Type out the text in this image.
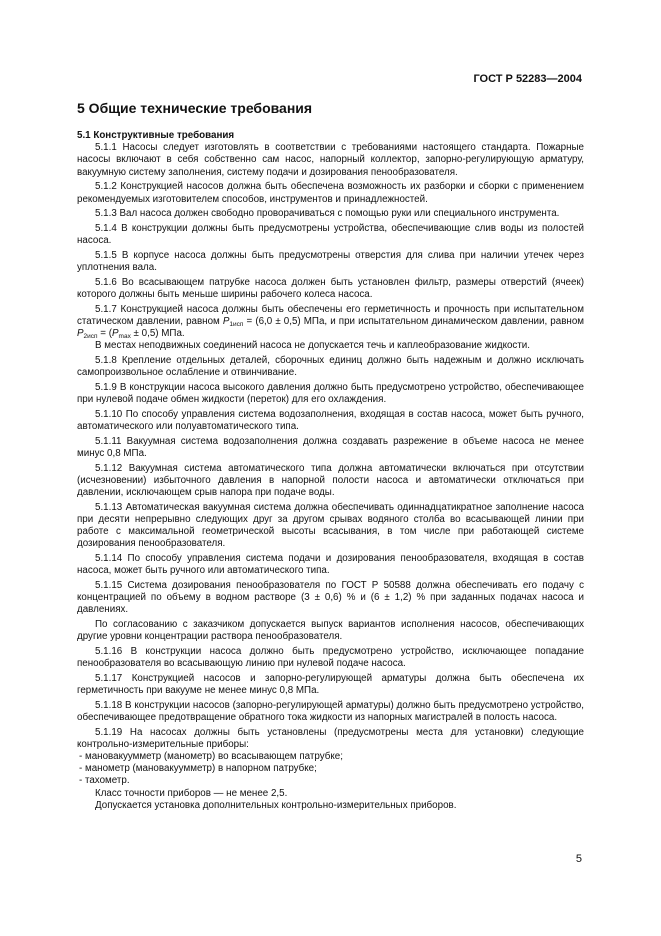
ГОСТ Р 52283—2004
5 Общие технические требования
5.1 Конструктивные требования

5.1.1 Насосы следует изготовлять в соответствии с требованиями настоящего стандарта. Пожарные насосы включают в себя собственно сам насос, напорный коллектор, запорно-регулирующую арматуру, вакуумную систему заполнения, систему подачи и дозирования пенообразователя.

5.1.2 Конструкцией насосов должна быть обеспечена возможность их разборки и сборки с применением рекомендуемых изготовителем способов, инструментов и принадлежностей.

5.1.3 Вал насоса должен свободно проворачиваться с помощью руки или специального инструмента.

5.1.4 В конструкции должны быть предусмотрены устройства, обеспечивающие слив воды из полостей насоса.

5.1.5 В корпусе насоса должны быть предусмотрены отверстия для слива при наличии утечек через уплотнения вала.

5.1.6 Во всасывающем патрубке насоса должен быть установлен фильтр, размеры отверстий (ячеек) которого должны быть меньше ширины рабочего колеса насоса.

5.1.7 Конструкцией насоса должны быть обеспечены его герметичность и прочность при испытательном статическом давлении, равном $P_{1исп} = (6,0 \pm 0,5)$ МПа, и при испытательном динамическом давлении, равном $P_{2исп} = (P_{max} \pm 0,5)$ МПа.

В местах неподвижных соединений насоса не допускается течь и каплеобразование жидкости.

5.1.8 Крепление отдельных деталей, сборочных единиц должно быть надежным и должно исключать самопроизвольное ослабление и отвинчивание.

5.1.9 В конструкции насоса высокого давления должно быть предусмотрено устройство, обеспечивающее при нулевой подаче обмен жидкости (переток) для его охлаждения.

5.1.10 По способу управления система водозаполнения, входящая в состав насоса, может быть ручного, автоматического или полуавтоматического типа.

5.1.11 Вакуумная система водозаполнения должна создавать разрежение в объеме насоса не менее минус 0,8 МПа.

5.1.12 Вакуумная система автоматического типа должна автоматически включаться при отсутствии (исчезновении) избыточного давления в напорной полости насоса и автоматически отключаться при давлении, исключающем срыв напора при подаче воды.

5.1.13 Автоматическая вакуумная система должна обеспечивать одиннадцатикратное заполнение насоса при десяти непрерывно следующих друг за другом срывах водяного столба во всасывающей линии при работе с максимальной геометрической высоты всасывания, в том числе при работающей системе дозирования пенообразователя.

5.1.14 По способу управления система подачи и дозирования пенообразователя, входящая в состав насоса, может быть ручного или автоматического типа.

5.1.15 Система дозирования пенообразователя по ГОСТ Р 50588 должна обеспечивать его подачу с концентрацией по объему в водном растворе (3 ± 0,6) % и (6 ± 1,2) % при заданных подачах насоса и давлениях.

По согласованию с заказчиком допускается выпуск вариантов исполнения насосов, обеспечивающих другие уровни концентрации раствора пенообразователя.

5.1.16 В конструкции насоса должно быть предусмотрено устройство, исключающее попадание пенообразователя во всасывающую линию при нулевой подаче насоса.

5.1.17 Конструкцией насосов и запорно-регулирующей арматуры должна быть обеспечена их герметичность при вакууме не менее минус 0,8 МПа.

5.1.18 В конструкции насосов (запорно-регулирующей арматуры) должно быть предусмотрено устройство, обеспечивающее предотвращение обратного тока жидкости из напорных магистралей в полость насоса.

5.1.19 На насосах должны быть установлены (предусмотрены места для установки) следующие контрольно-измерительные приборы:

- мановакуумметр (манометр) во всасывающем патрубке;

- манометр (мановакуумметр) в напорном патрубке;

- тахометр.

Класс точности приборов — не менее 2,5.

Допускается установка дополнительных контрольно-измерительных приборов.

5
